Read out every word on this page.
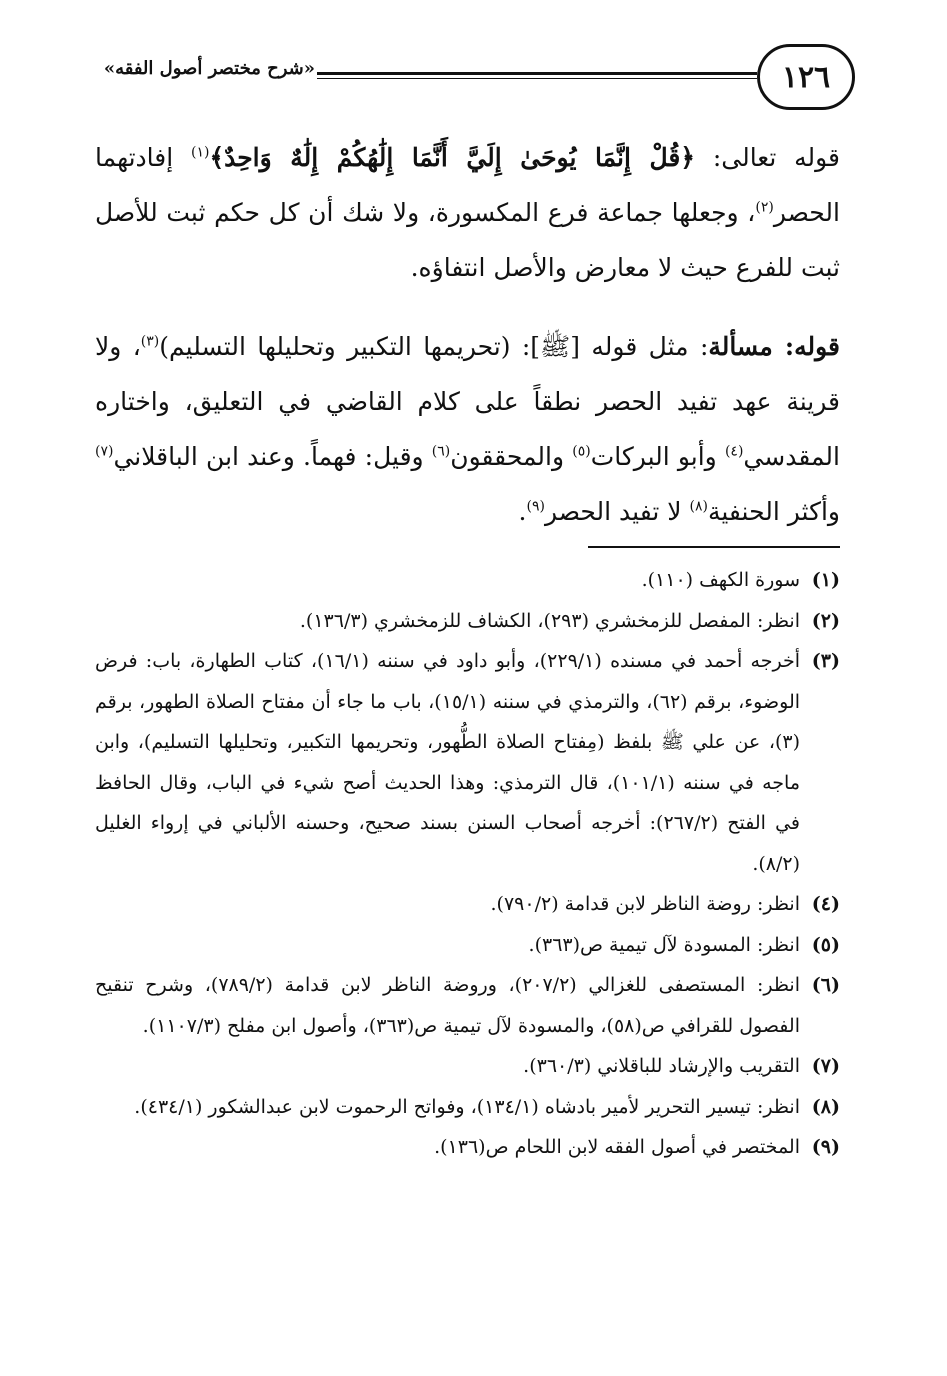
«شرح مختصر أصول الفقه»	١٢٦

قوله تعالى: ﴿قُلْ إِنَّمَا يُوحَىٰ إِلَيَّ أَنَّمَا إِلَٰهُكُمْ إِلَٰهٌ وَاحِدٌ﴾$^{(١)}$ إفادتهما الحصر$^{(٢)}$، وجعلها جماعة فرع المكسورة، ولا شك أن كل حكم ثبت للأصل ثبت للفرع حيث لا معارض والأصل انتفاؤه.

قوله: مسألة: مثل قوله [ﷺ]: (تحريمها التكبير وتحليلها التسليم)$^{(٣)}$، ولا قرينة عهد تفيد الحصر نطقاً على كلام القاضي في التعليق، واختاره المقدسي$^{(٤)}$ وأبو البركات$^{(٥)}$ والمحققون$^{(٦)}$ وقيل: فهماً. وعند ابن الباقلاني$^{(٧)}$ وأكثر الحنفية$^{(٨)}$ لا تفيد الحصر$^{(٩)}$.

(١)
سورة الكهف (١١٠).
(٢)
انظر: المفصل للزمخشري (٢٩٣)، الكشاف للزمخشري (١٣٦/٣).
(٣)
أخرجه أحمد في مسنده (٢٢٩/١)، وأبو داود في سننه (١٦/١)، كتاب الطهارة، باب: فرض الوضوء، برقم (٦٢)، والترمذي في سننه (١٥/١)، باب ما جاء أن مفتاح الصلاة الطهور، برقم (٣)، عن علي ﷺ بلفظ (مِفتاح الصلاة الطُّهور، وتحريمها التكبير، وتحليلها التسليم)، وابن ماجه في سننه (١٠١/١)، قال الترمذي: وهذا الحديث أصح شيء في الباب، وقال الحافظ في الفتح (٢٦٧/٢): أخرجه أصحاب السنن بسند صحيح، وحسنه الألباني في إرواء الغليل (٨/٢).
(٤)
انظر: روضة الناظر لابن قدامة (٧٩٠/٢).
(٥)
انظر: المسودة لآل تيمية ص(٣٦٣).
(٦)
انظر: المستصفى للغزالي (٢٠٧/٢)، وروضة الناظر لابن قدامة (٧٨٩/٢)، وشرح تنقيح الفصول للقرافي ص(٥٨)، والمسودة لآل تيمية ص(٣٦٣)، وأصول ابن مفلح (١١٠٧/٣).
(٧)
التقريب والإرشاد للباقلاني (٣٦٠/٣).
(٨)
انظر: تيسير التحرير لأمير بادشاه (١٣٤/١)، وفواتح الرحموت لابن عبدالشكور (٤٣٤/١).
(٩)
المختصر في أصول الفقه لابن اللحام ص(١٣٦).
